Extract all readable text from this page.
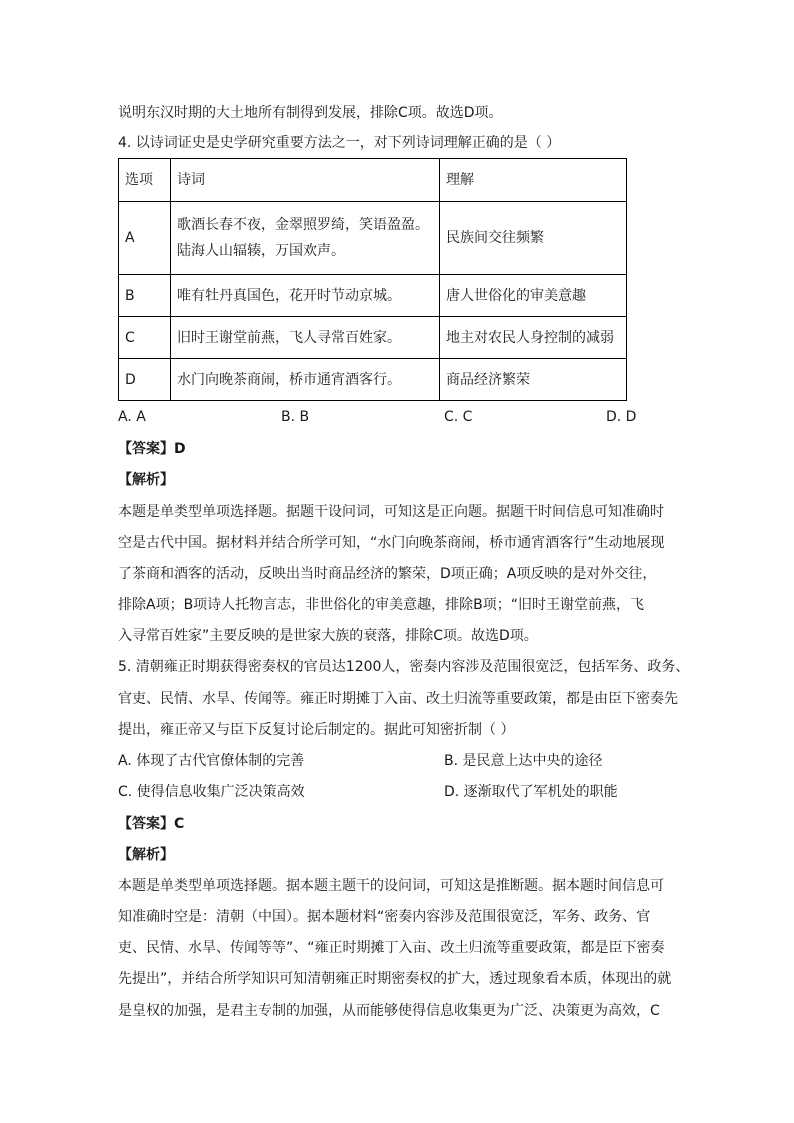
说明东汉时期的大土地所有制得到发展，排除C项。故选D项。
4. 以诗词证史是史学研究重要方法之一，对下列诗词理解正确的是（ ）
选项	诗词	理解
A	歌酒长春不夜，金翠照罗绮，笑语盈盈。
陆海人山辐辏，万国欢声。	民族间交往频繁
B	唯有牡丹真国色，花开时节动京城。	唐人世俗化的审美意趣
C	旧时王谢堂前燕，飞人寻常百姓家。	地主对农民人身控制的减弱
D	水门向晚茶商闹，桥市通宵酒客行。	商品经济繁荣
A. A	B. B	C. C	D. D
【答案】D
【解析】
本题是单类型单项选择题。据题干设问词，可知这是正向题。据题干时间信息可知准确时
空是古代中国。据材料并结合所学可知，“水门向晚茶商闹，桥市通宵酒客行”生动地展现
了茶商和酒客的活动，反映出当时商品经济的繁荣，D项正确；A项反映的是对外交往，
排除A项；B项诗人托物言志，非世俗化的审美意趣，排除B项；“旧时王谢堂前燕，飞
入寻常百姓家”主要反映的是世家大族的衰落，排除C项。故选D项。
5. 清朝雍正时期获得密奏权的官员达1200人，密奏内容涉及范围很宽泛，包括军务、政务、
官吏、民情、水旱、传闻等。雍正时期摊丁入亩、改土归流等重要政策，都是由臣下密奏先
提出，雍正帝又与臣下反复讨论后制定的。据此可知密折制（ ）
A. 体现了古代官僚体制的完善	B. 是民意上达中央的途径
C. 使得信息收集广泛决策高效	D. 逐渐取代了军机处的职能
【答案】C
【解析】
本题是单类型单项选择题。据本题主题干的设问词，可知这是推断题。据本题时间信息可
知准确时空是：清朝（中国）。据本题材料“密奏内容涉及范围很宽泛，军务、政务、官
吏、民情、水旱、传闻等等”、“雍正时期摊丁入亩、改土归流等重要政策，都是臣下密奏
先提出”，并结合所学知识可知清朝雍正时期密奏权的扩大，透过现象看本质，体现出的就
是皇权的加强，是君主专制的加强，从而能够使得信息收集更为广泛、决策更为高效，C
